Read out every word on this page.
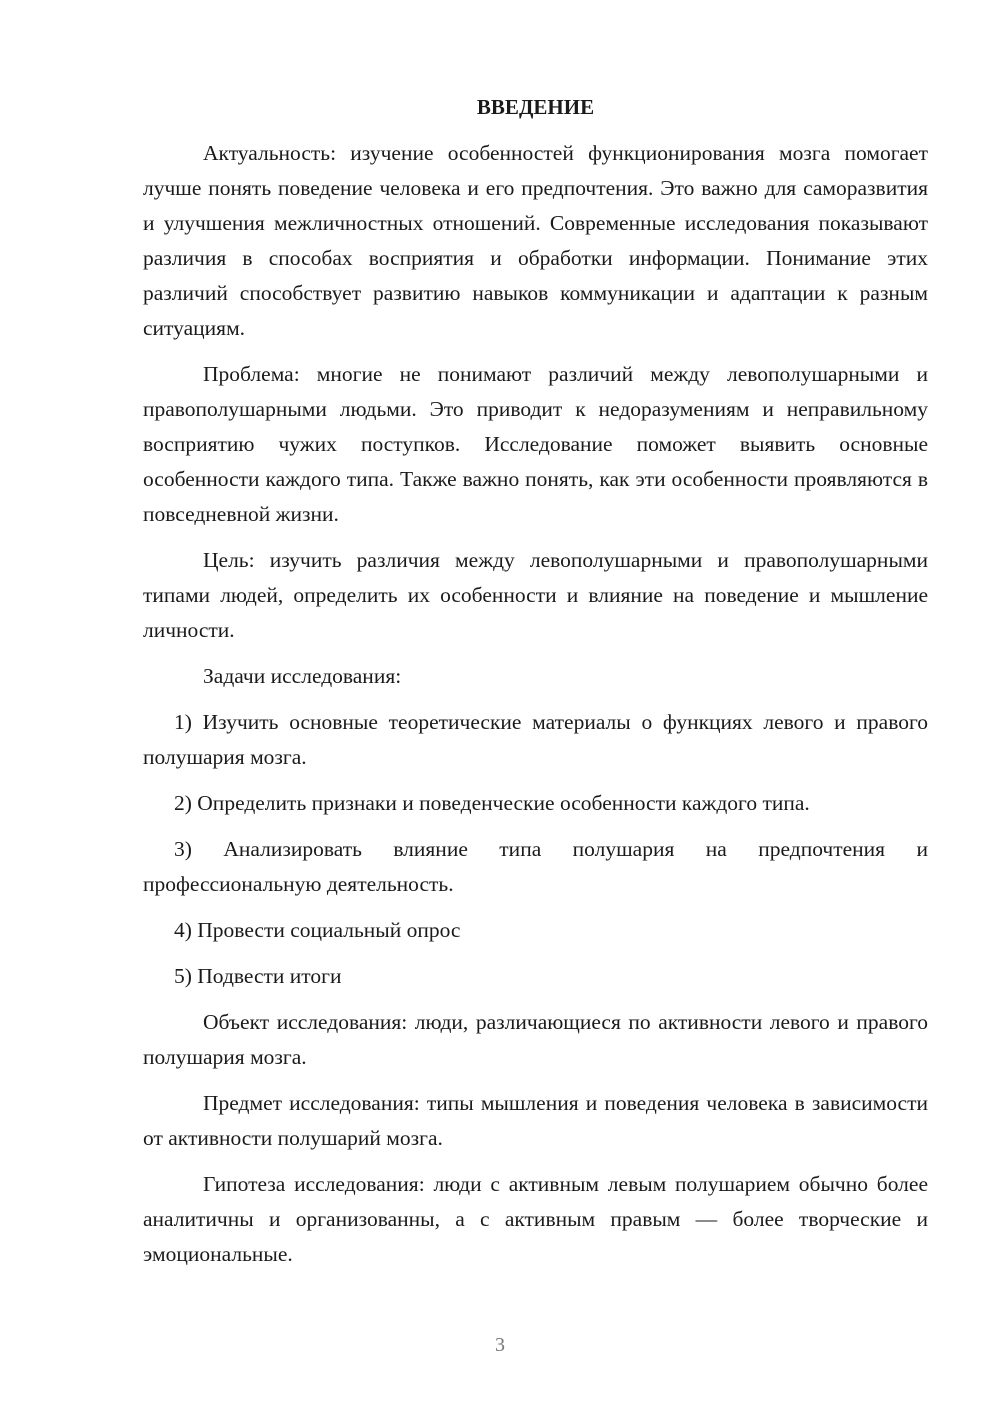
ВВЕДЕНИЕ

Актуальность: изучение особенностей функционирования мозга помогает лучше понять поведение человека и его предпочтения. Это важно для саморазвития и улучшения межличностных отношений. Современные исследования показывают различия в способах восприятия и обработки информации. Понимание этих различий способствует развитию навыков коммуникации и адаптации к разным ситуациям.

Проблема: многие не понимают различий между левополушарными и правополушарными людьми. Это приводит к недоразумениям и неправильному восприятию чужих поступков. Исследование поможет выявить основные особенности каждого типа. Также важно понять, как эти особенности проявляются в повседневной жизни.

Цель: изучить различия между левополушарными и правополушарными типами людей, определить их особенности и влияние на поведение и мышление личности.

Задачи исследования:

1) Изучить основные теоретические материалы о функциях левого и правого полушария мозга.

2) Определить признаки и поведенческие особенности каждого типа.

3) Анализировать влияние типа полушария на предпочтения и профессиональную деятельность.

4) Провести социальный опрос

5) Подвести итоги

Объект исследования: люди, различающиеся по активности левого и правого полушария мозга.

Предмет исследования: типы мышления и поведения человека в зависимости от активности полушарий мозга.

Гипотеза исследования: люди с активным левым полушарием обычно более аналитичны и организованны, а с активным правым — более творческие и эмоциональные.

3
